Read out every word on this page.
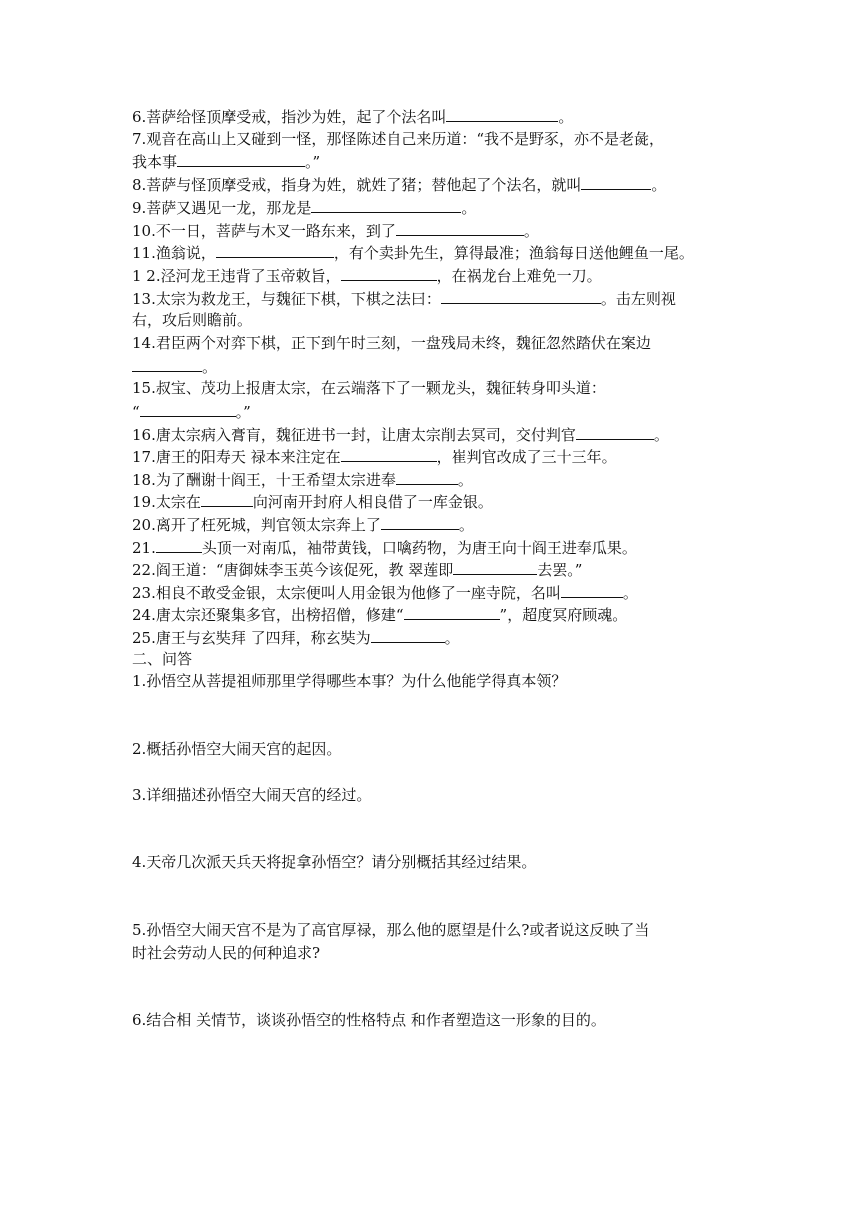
6.菩萨给怪顶摩受戒，指沙为姓，起了个法名叫	。
7.观音在高山上又碰到一怪，那怪陈述自己来历道：“我不是野豕，亦不是老彘，
我本事	。”
8.菩萨与怪顶摩受戒，指身为姓，就姓了猪；替他起了个法名，就叫	。
9.菩萨又遇见一龙，那龙是	。
10.不一日，菩萨与木叉一路东来，到了	。
11.渔翁说，	，有个卖卦先生，算得最准；渔翁每日送他鲤鱼一尾。
1 2.泾河龙王违背了玉帝敕旨，	，在祸龙台上难免一刀。
13.太宗为救龙王，与魏征下棋，下棋之法曰：	。击左则视
右，攻后则瞻前。
14.君臣两个对弈下棋，正下到午时三刻，一盘残局未终，魏征忽然踏伏在案边
。
15.叔宝、茂功上报唐太宗，在云端落下了一颗龙头，魏征转身叩头道：
“	。”
16.唐太宗病入膏肓，魏征进书一封，让唐太宗削去冥司，交付判官	。
17.唐王的阳寿天 禄本来注定在	，崔判官改成了三十三年。
18.为了酬谢十阎王，十王希望太宗进奉	。
19.太宗在	向河南开封府人相良借了一库金银。
20.离开了枉死城，判官领太宗奔上了	。
21.	头顶一对南瓜，袖带黄钱，口噙药物，为唐王向十阎王进奉瓜果。
22.阎王道：“唐御妹李玉英今该促死，教 翠莲即	去罢。”
23.相良不敢受金银，太宗便叫人用金银为他修了一座寺院，名叫	。
24.唐太宗还聚集多官，出榜招僧，修建“	”，超度冥府顾魂。
25.唐王与玄奘拜 了四拜，称玄奘为	。
二、问答
1.孙悟空从菩提祖师那里学得哪些本事？为什么他能学得真本领？
2.概括孙悟空大闹天宫的起因。
3.详细描述孙悟空大闹天宫的经过。
4.天帝几次派天兵天将捉拿孙悟空？请分别概括其经过结果。
5.孙悟空大闹天宫不是为了高官厚禄，那么他的愿望是什么?或者说这反映了当
时社会劳动人民的何种追求?
6.结合相 关情节，谈谈孙悟空的性格特点 和作者塑造这一形象的目的。
